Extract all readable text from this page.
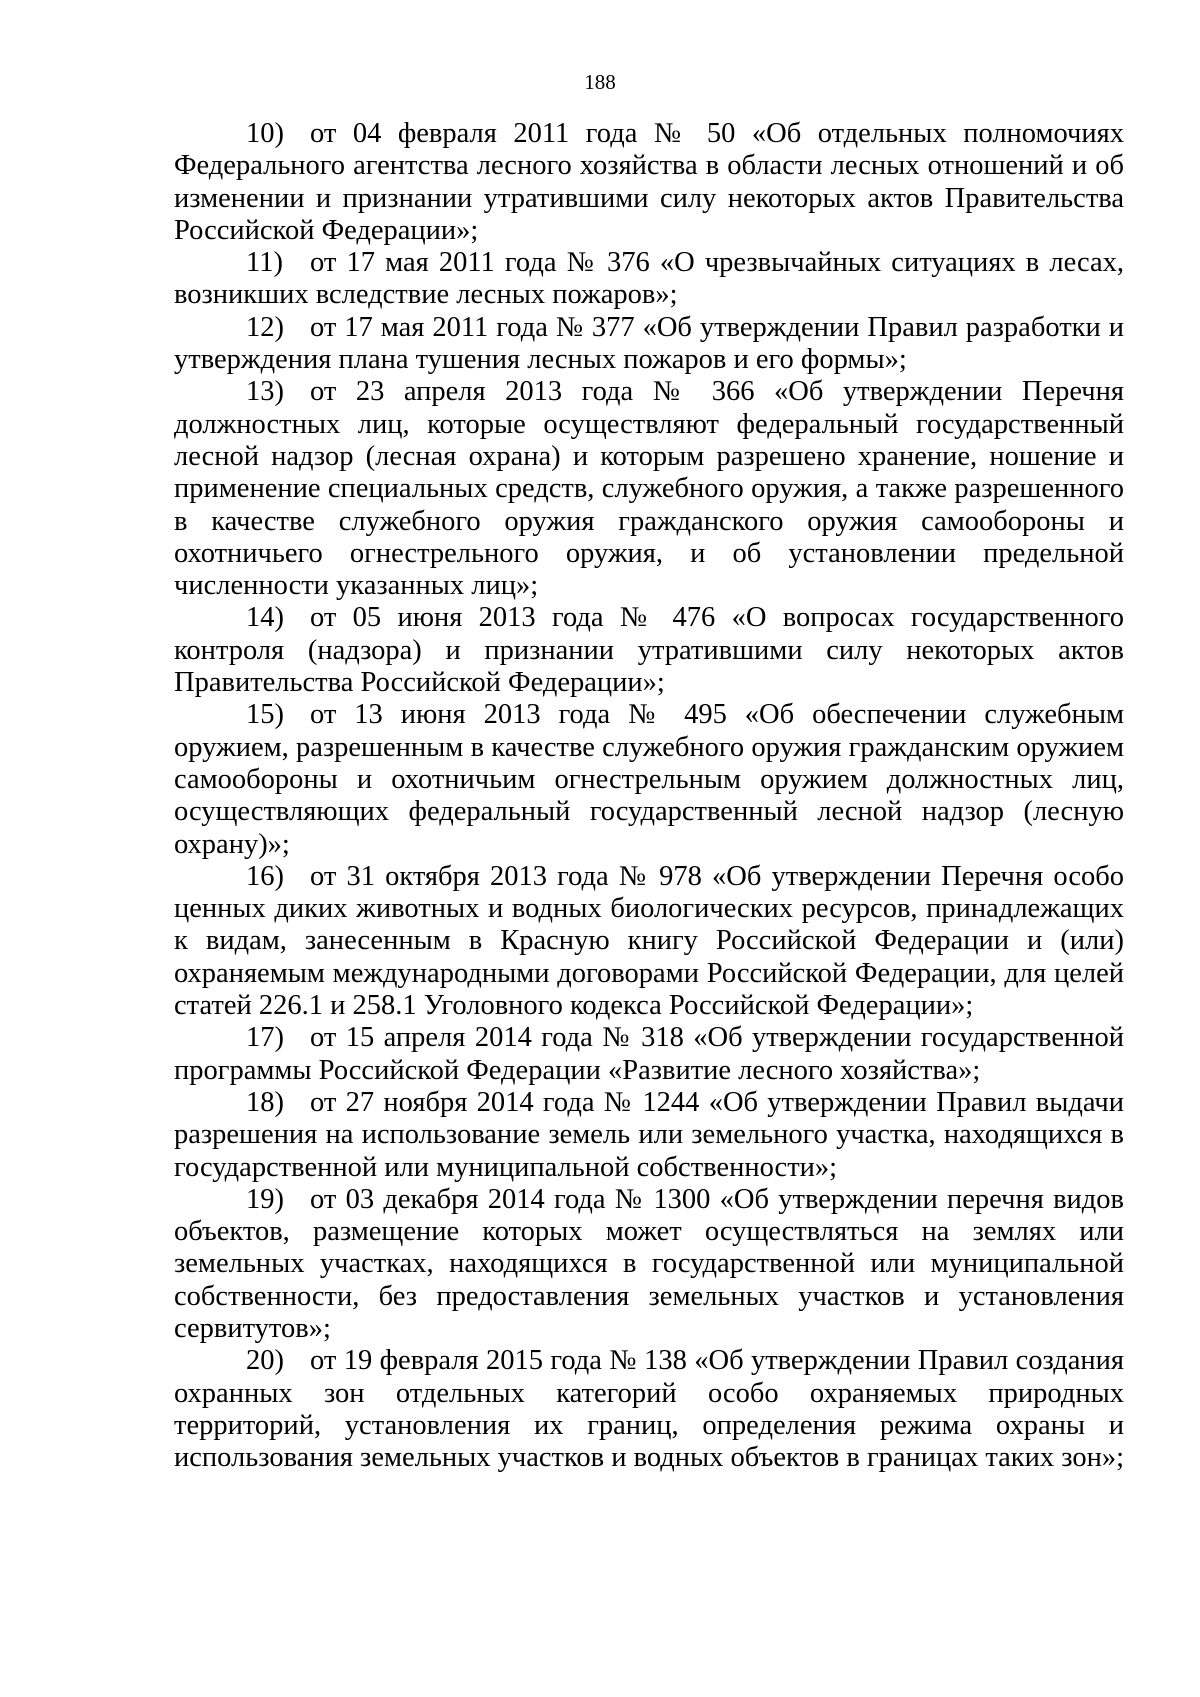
188

10) от 04 февраля 2011 года № 50 «Об отдельных полномочиях Федерального агентства лесного хозяйства в области лесных отношений и об изменении и признании утратившими силу некоторых актов Правительства Российской Федерации»;

11) от 17 мая 2011 года № 376 «О чрезвычайных ситуациях в лесах, возникших вследствие лесных пожаров»;

12) от 17 мая 2011 года № 377 «Об утверждении Правил разработки и утверждения плана тушения лесных пожаров и его формы»;

13) от 23 апреля 2013 года № 366 «Об утверждении Перечня должностных лиц, которые осуществляют федеральный государственный лесной надзор (лесная охрана) и которым разрешено хранение, ношение и применение специальных средств, служебного оружия, а также разрешенного в качестве служебного оружия гражданского оружия самообороны и охотничьего огнестрельного оружия, и об установлении предельной численности указанных лиц»;

14) от 05 июня 2013 года № 476 «О вопросах государственного контроля (надзора) и признании утратившими силу некоторых актов Правительства Российской Федерации»;

15) от 13 июня 2013 года № 495 «Об обеспечении служебным оружием, разрешенным в качестве служебного оружия гражданским оружием самообороны и охотничьим огнестрельным оружием должностных лиц, осуществляющих федеральный государственный лесной надзор (лесную охрану)»;

16) от 31 октября 2013 года № 978 «Об утверждении Перечня особо ценных диких животных и водных биологических ресурсов, принадлежащих к видам, занесенным в Красную книгу Российской Федерации и (или) охраняемым международными договорами Российской Федерации, для целей статей 226.1 и 258.1 Уголовного кодекса Российской Федерации»;

17) от 15 апреля 2014 года № 318 «Об утверждении государственной программы Российской Федерации «Развитие лесного хозяйства»;

18) от 27 ноября 2014 года № 1244 «Об утверждении Правил выдачи разрешения на использование земель или земельного участка, находящихся в государственной или муниципальной собственности»;

19) от 03 декабря 2014 года № 1300 «Об утверждении перечня видов объектов, размещение которых может осуществляться на землях или земельных участках, находящихся в государственной или муниципальной собственности, без предоставления земельных участков и установления сервитутов»;

20) от 19 февраля 2015 года № 138 «Об утверждении Правил создания охранных зон отдельных категорий особо охраняемых природных территорий, установления их границ, определения режима охраны и использования земельных участков и водных объектов в границах таких зон»;
